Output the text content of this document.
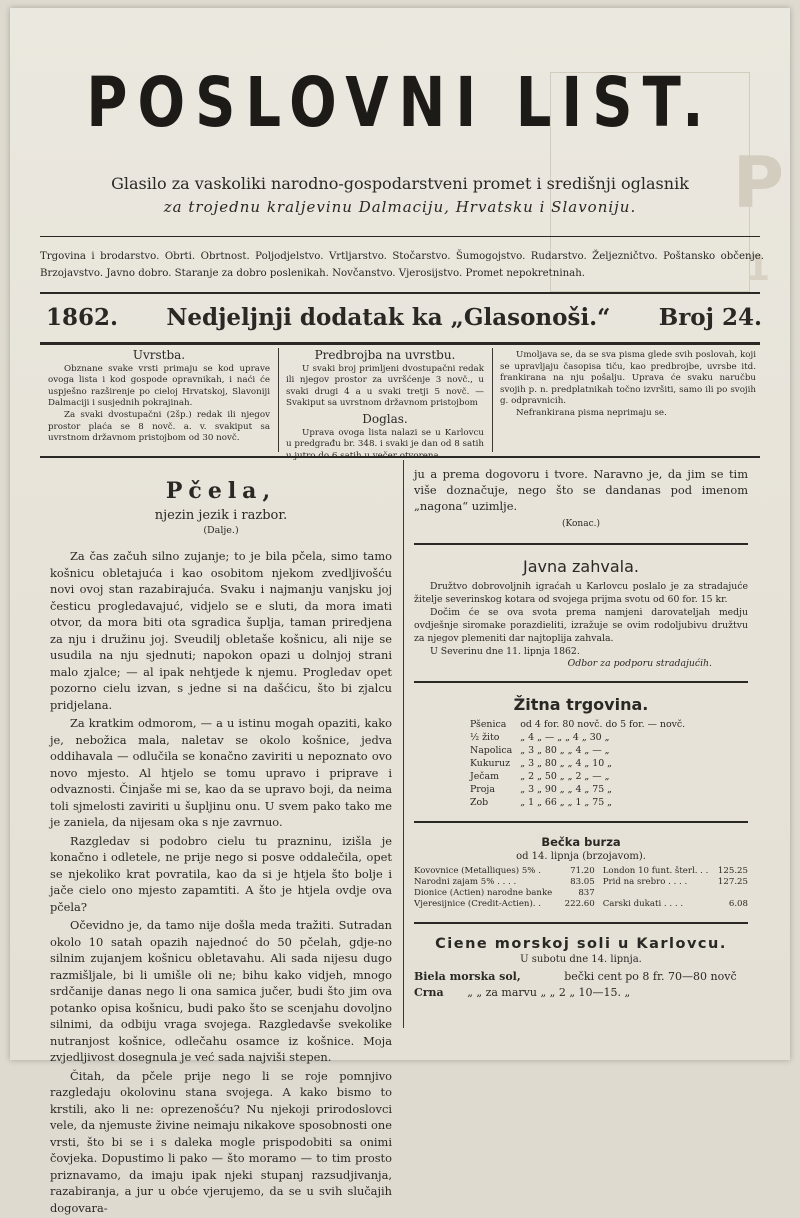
P
1
POSLOVNI LIST.
Glasilo za vaskoliki narodno-gospodarstveni promet i središnji oglasnik
za trojednu kraljevinu Dalmaciju, Hrvatsku i Slavoniju.
Trgovina i brodarstvo. Obrti. Obrtnost. Poljodjelstvo. Vrtljarstvo. Stočarstvo. Šumogojstvo. Rudarstvo. Željezničtvo. Poštansko občenje. Brzojavstvo. Javno dobro. Staranje za dobro poslenikah. Novčanstvo. Vjerosijstvo. Promet nepokretninah.
1862. Nedjeljnji dodatak ka „Glasonoši.“ Broj 24.
Uvrstba.

Obznane svake vrsti primaju se kod uprave ovoga lista i kod gospode opravnikah, i naći će uspješno razširenje po cieloj Hrvatskoj, Slavoniji Dalmaciji i susjednih pokrajinah.

Za svaki dvostupačni (2šp.) redak ili njegov prostor plaća se 8 novč. a. v. svakiput sa uvrstnom državnom pristojbom od 30 novč.

Predbrojba na uvrstbu.

U svaki broj primljeni dvostupačni redak ili njegov prostor za uvršćenje 3 novč., u svaki drugi 4 a u svaki tretji 5 novč. — Svakiput sa uvrstnom državnom pristojbom

Doglas.

Uprava ovoga lista nalazi se u Karlovcu u predgrađu br. 348. i svaki je dan od 8 satih

Umoljava se, da se sva pisma glede svih poslovah, koji se upravljaju časopisa tiču, kao predbrojbe, uvrsbe itd. frankirana na nju pošalju. Uprava će svaku naručbu svojih p. n. predplatnikah točno izvršiti, samo ili po svojih g. odpravnicih.

Nefrankirana pisma neprimaju se.

Pčela,
njezin jezik i razbor.
(Dalje.)

Za čas začuh silno zujanje; to je bila pčela, simo tamo košnicu obletajuća i kao osobitom njekom zvedljivošću novi ovoj stan razabirajuća. Svaku i najmanju vanjsku joj česticu progledavajuć, vidjelo se e sluti, da mora imati otvor, da mora biti ota sgradica šupljа, taman priredjena za nju i družinu joj. Sveudilj obletaše košnicu, ali nije se usudila na nju sjednuti; napokon opazi u dolnjoj strani malo zjalce; — al ipak nehtjede k njemu. Progledav opet pozorno cielu izvan, s jedne si na dašćicu, što bi zjalcu pridjelana.

Za kratkim odmorom, — a u istinu mogah opaziti, kako je, nebožica mala, naletav se okolo košnice, jedva oddihavala — odlučila se konačno zaviriti u nepoznato ovo novo mjesto. Al htjelo se tomu upravo i pripravе i odvaznosti. Činjaše mi se, kao da se upravo boji, da neima toli sjmelosti zaviriti u šupljinu onu. U svem pako tako me je zaniela, da nijesam oka s nje zavrnuo.

Razgledav si podobro cielu tu prazninu, izišla je konačno i odletele, ne prije nego si posve oddalečila, opet se njekoliko krat povratila, kao da si je htjela što bolje i jače cielo ono mjesto zapamtiti. A što je htjela ovdje ova pčela?

Očevidno je, da tamo nije došla meda tražiti. Sutradan okolo 10 satah opazih najednoć do 50 pčelah, gdje-no silnim zujanjem košnicu obletavahu. Ali sada nijesu dugo razmišljale, bi li umišle oli ne; bihu kako vidjeh, mnogo srdčanije danas nego li ona samica jučer, budi što jim ova potanko opisa košnicu, budi pako što se scenjahu dovoljno silnimi, da odbiju vraga svojega. Razgledavše svekolike nutranjost košnice, odlečahu osamce iz košnice. Moja zvjedljivost dosegnula je već sada najviši stepen.

Čitah, da pčele prije nego li se roje pomnjivo razgledaju okolovinu stana svojega. A kako bismo to krstili, ako li ne: oprezenošću? Nu njekoji prirodoslovci vele, da njemuste živine neimaju nikakove sposobnosti one vrsti, što bi se i s daleka mogle prispodobiti sa onimi čovjeka. Dopustimo li pako — što moramo — to tim prosto priznavamo, da imaju ipak njeki stupanj razsudjivanja, razabiranja, a jur u obće vjerujemo, da se u svih slučajih dogovara-

ju a prema dogovoru i tvore. Naravno je, da jim se tim više doznačuje, nego što se dandanas pod imenom „nagona“ uzimlje.
(Konac.)
Javna zahvala.

Družtvo dobrovoljnih igraćah u Karlovcu poslalo je za stradajuće žitelje severinskog kotara od svojega prijma svotu od 60 for. 15 kr.

Dočim će se ova svota prema namjeni darovateljah medju ovdješnje siromake porazdieliti, izražuje se ovim rodoljubivu družtvu za njegov plemeniti dar najtoplija zahvala.

U Severinu dne 11. lipnja 1862.

Odbor za podporu stradajućih.
Žitna trgovina.
Pšenica	od 4 for. 80 novč. do 5 for. — novč.
½ žito	„ 4 „ — „ „ 4 „ 30 „
Napolica	„ 3 „ 80 „ „ 4 „ — „
Kukuruz	„ 3 „ 80 „ „ 4 „ 10 „
Ječam	„ 2 „ 50 „ „ 2 „ — „
Proja	„ 3 „ 90 „ „ 4 „ 75 „
Zob	„ 1 „ 66 „ „ 1 „ 75 „
Bečka burza
od 14. lipnja (brzojavom).
Kovovnice (Metalliques) 5% .	71.20	London 10 funt. šterl. . .	125.25
Narodni zajam 5% . . . .	83.05	Prid na srebro . . . .	127.25
Dionice (Actien) narodne banke	837		
Vjeresijnice (Credit-Actien). .	222.60	Carski dukati . . . .	6.08
Ciene morskoj soli u Karlovcu.
U subotu dne 14. lipnja.
Biela morska sol,	bečki cent po 8 fr. 70—80 novč
Crna „ „ za marvu „ „ 2 „ 10—15. „
